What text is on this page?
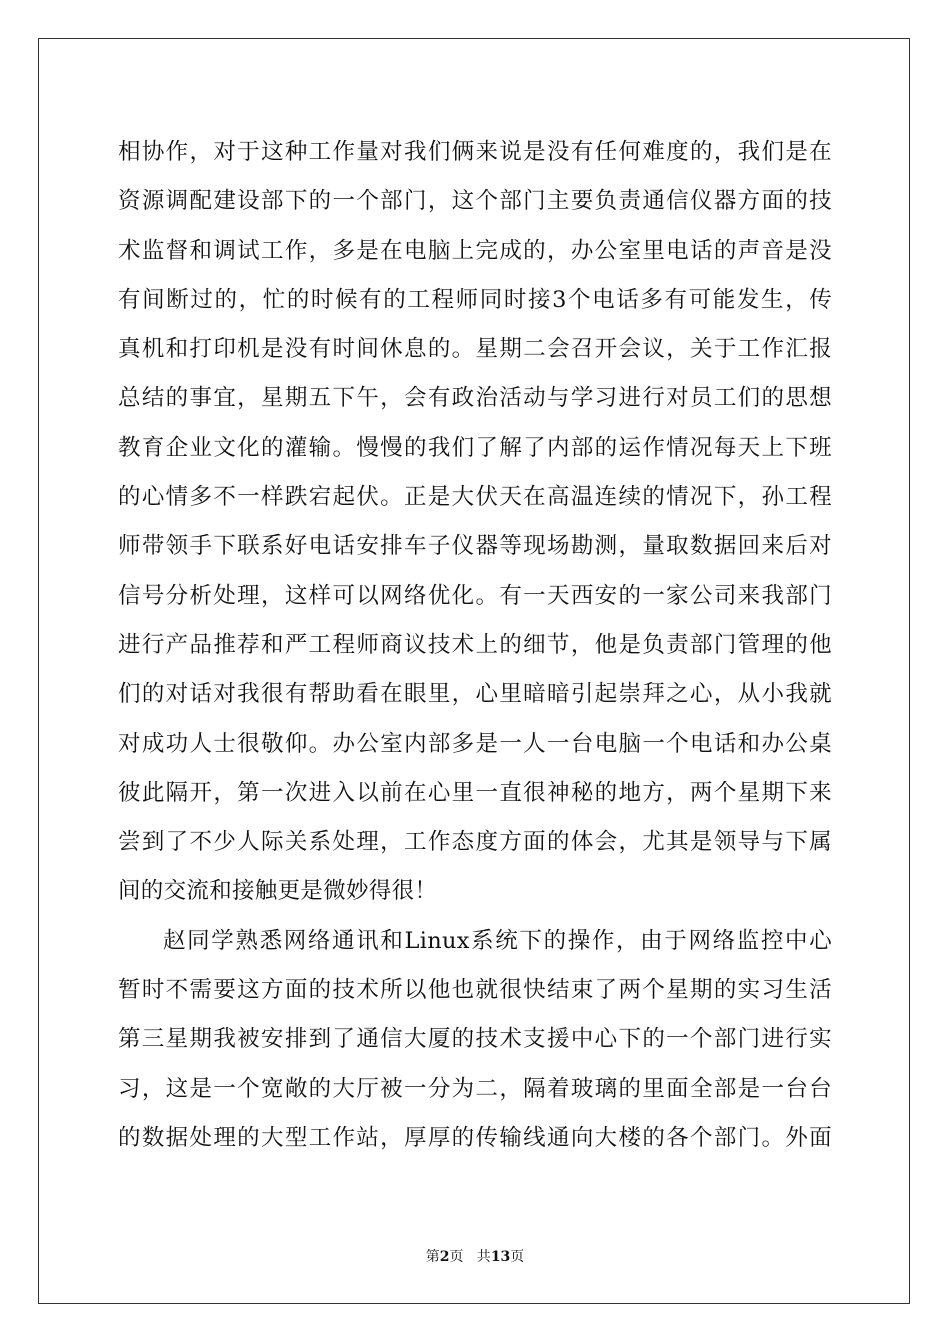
相协作，对于这种工作量对我们俩来说是没有任何难度的，我们是在
资源调配建设部下的一个部门，这个部门主要负责通信仪器方面的技
术监督和调试工作，多是在电脑上完成的，办公室里电话的声音是没
有间断过的，忙的时候有的工程师同时接3个电话多有可能发生，传
真机和打印机是没有时间休息的。星期二会召开会议，关于工作汇报
总结的事宜，星期五下午，会有政治活动与学习进行对员工们的思想
教育企业文化的灌输。慢慢的我们了解了内部的运作情况每天上下班
的心情多不一样跌宕起伏。正是大伏天在高温连续的情况下，孙工程
师带领手下联系好电话安排车子仪器等现场勘测，量取数据回来后对
信号分析处理，这样可以网络优化。有一天西安的一家公司来我部门
进行产品推荐和严工程师商议技术上的细节，他是负责部门管理的他
们的对话对我很有帮助看在眼里，心里暗暗引起崇拜之心，从小我就
对成功人士很敬仰。办公室内部多是一人一台电脑一个电话和办公桌
彼此隔开，第一次进入以前在心里一直很神秘的地方，两个星期下来
尝到了不少人际关系处理，工作态度方面的体会，尤其是领导与下属
间的交流和接触更是微妙得很！
赵同学熟悉网络通讯和Linux系统下的操作，由于网络监控中心
暂时不需要这方面的技术所以他也就很快结束了两个星期的实习生活
第三星期我被安排到了通信大厦的技术支援中心下的一个部门进行实
习，这是一个宽敞的大厅被一分为二，隔着玻璃的里面全部是一台台
的数据处理的大型工作站，厚厚的传输线通向大楼的各个部门。外面
第2页   共13页
